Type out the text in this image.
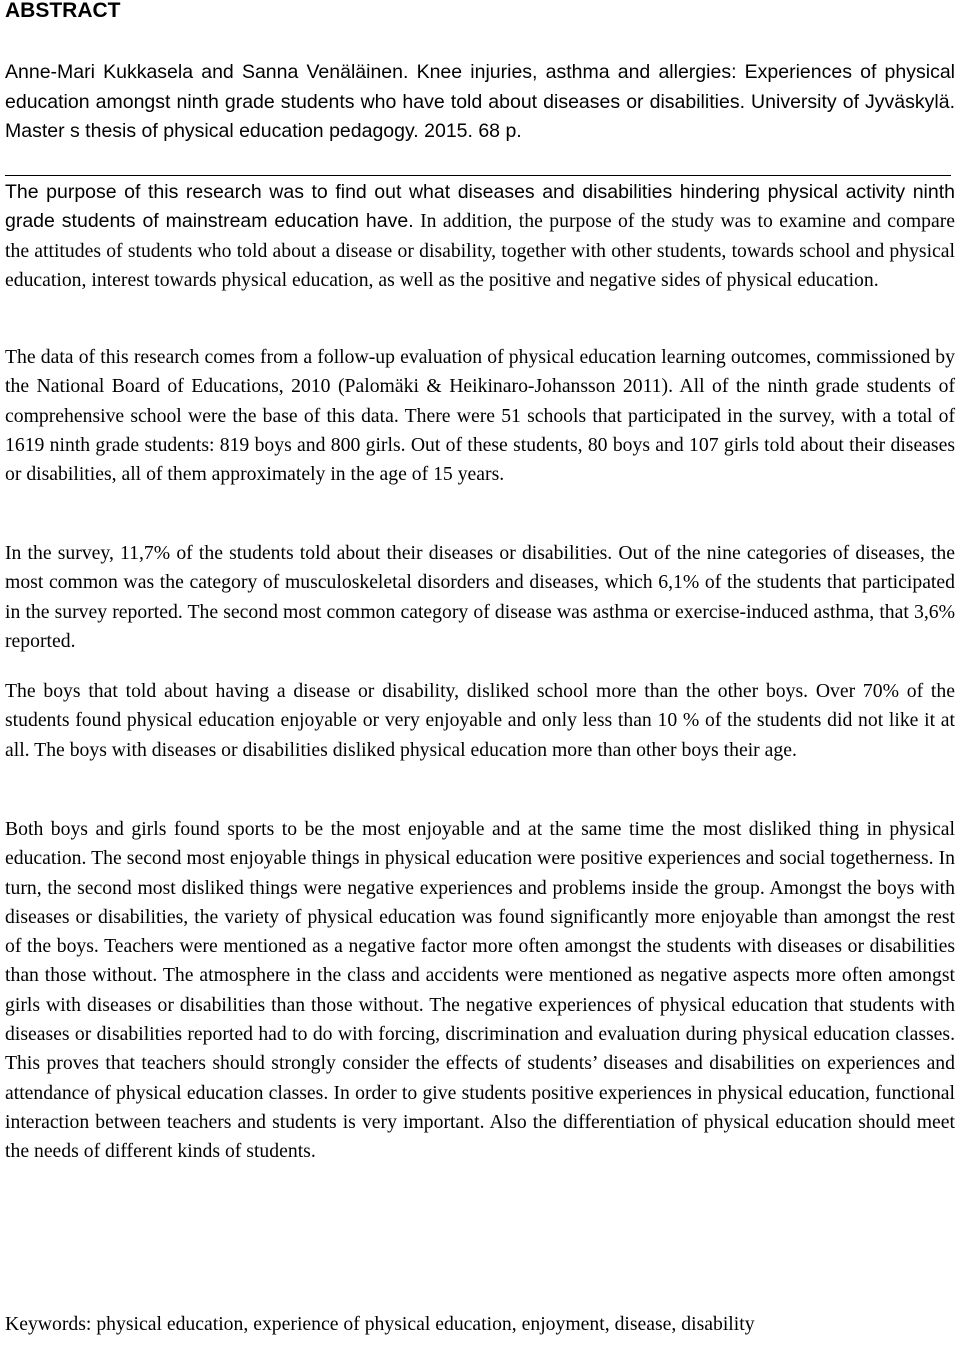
ABSTRACT
Anne-Mari Kukkasela and Sanna Venäläinen. Knee injuries, asthma and allergies: Experiences of physical education amongst ninth grade students who have told about diseases or disabilities. University of Jyväskylä. Master s thesis of physical education pedagogy. 2015. 68 p.

The purpose of this research was to find out what diseases and disabilities hindering physical activity ninth grade students of mainstream education have. In addition, the purpose of the study was to examine and compare the attitudes of students who told about a disease or disability, together with other students, towards school and physical education, interest towards physical education, as well as the positive and negative sides of physical education.

The data of this research comes from a follow-up evaluation of physical education learning outcomes, commissioned by the National Board of Educations, 2010 (Palomäki & Heikinaro-Johansson 2011). All of the ninth grade students of comprehensive school were the base of this data. There were 51 schools that participated in the survey, with a total of 1619 ninth grade students: 819 boys and 800 girls. Out of these students, 80 boys and 107 girls told about their diseases or disabilities, all of them approximately in the age of 15 years.

In the survey, 11,7% of the students told about their diseases or disabilities. Out of the nine categories of diseases, the most common was the category of musculoskeletal disorders and diseases, which 6,1% of the students that participated in the survey reported. The second most common category of disease was asthma or exercise-induced asthma, that 3,6% reported.

The boys that told about having a disease or disability, disliked school more than the other boys. Over 70% of the students found physical education enjoyable or very enjoyable and only less than 10 % of the students did not like it at all. The boys with diseases or disabilities disliked physical education more than other boys their age.

Both boys and girls found sports to be the most enjoyable and at the same time the most disliked thing in physical education. The second most enjoyable things in physical education were positive experiences and social togetherness. In turn, the second most disliked things were negative experiences and problems inside the group. Amongst the boys with diseases or disabilities, the variety of physical education was found significantly more enjoyable than amongst the rest of the boys. Teachers were mentioned as a negative factor more often amongst the students with diseases or disabilities than those without. The atmosphere in the class and accidents were mentioned as negative aspects more often amongst girls with diseases or disabilities than those without. The negative experiences of physical education that students with diseases or disabilities reported had to do with forcing, discrimination and evaluation during physical education classes. This proves that teachers should strongly consider the effects of students’ diseases and disabilities on experiences and attendance of physical education classes. In order to give students positive experiences in physical education, functional interaction between teachers and students is very important. Also the differentiation of physical education should meet the needs of different kinds of students.

Keywords: physical education, experience of physical education, enjoyment, disease, disability
